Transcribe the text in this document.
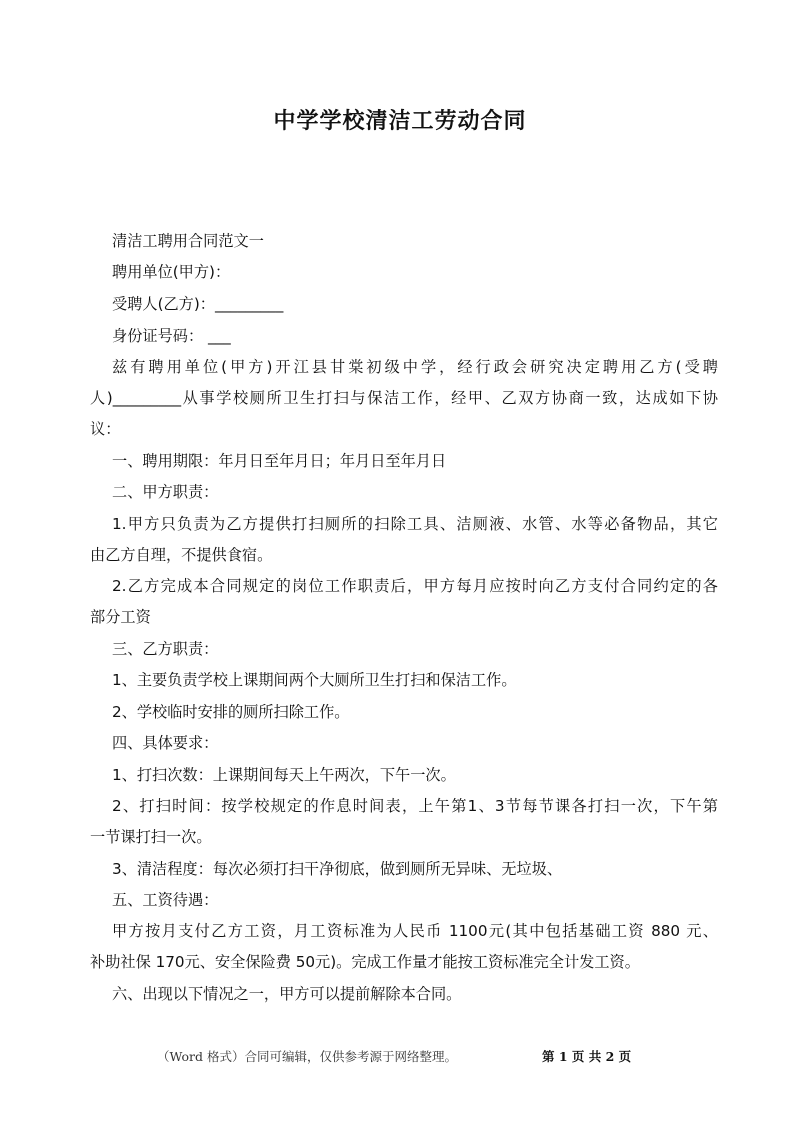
中学学校清洁工劳动合同
清洁工聘用合同范文一
聘用单位(甲方)：
受聘人(乙方)：_________
身份证号码： ___
兹有聘用单位(甲方)开江县甘棠初级中学，经行政会研究决定聘用乙方(受聘
人)_________从事学校厕所卫生打扫与保洁工作，经甲、乙双方协商一致，达成如下协
议：
一、聘用期限：年月日至年月日；年月日至年月日
二、甲方职责：
1.甲方只负责为乙方提供打扫厕所的扫除工具、洁厕液、水管、水等必备物品，其它
由乙方自理，不提供食宿。
2.乙方完成本合同规定的岗位工作职责后，甲方每月应按时向乙方支付合同约定的各
部分工资
三、乙方职责：
1、主要负责学校上课期间两个大厕所卫生打扫和保洁工作。
2、学校临时安排的厕所扫除工作。
四、具体要求：
1、打扫次数：上课期间每天上午两次，下午一次。
2、打扫时间：按学校规定的作息时间表，上午第1、3节每节课各打扫一次，下午第
一节课打扫一次。
3、清洁程度：每次必须打扫干净彻底，做到厕所无异味、无垃圾、
五、工资待遇：
甲方按月支付乙方工资，月工资标准为人民币 1100元(其中包括基础工资 880 元、
补助社保 170元、安全保险费 50元)。完成工作量才能按工资标准完全计发工资。
六、出现以下情况之一，甲方可以提前解除本合同。
（Word 格式）合同可编辑，仅供参考源于网络整理。	第 1 页 共 2 页
